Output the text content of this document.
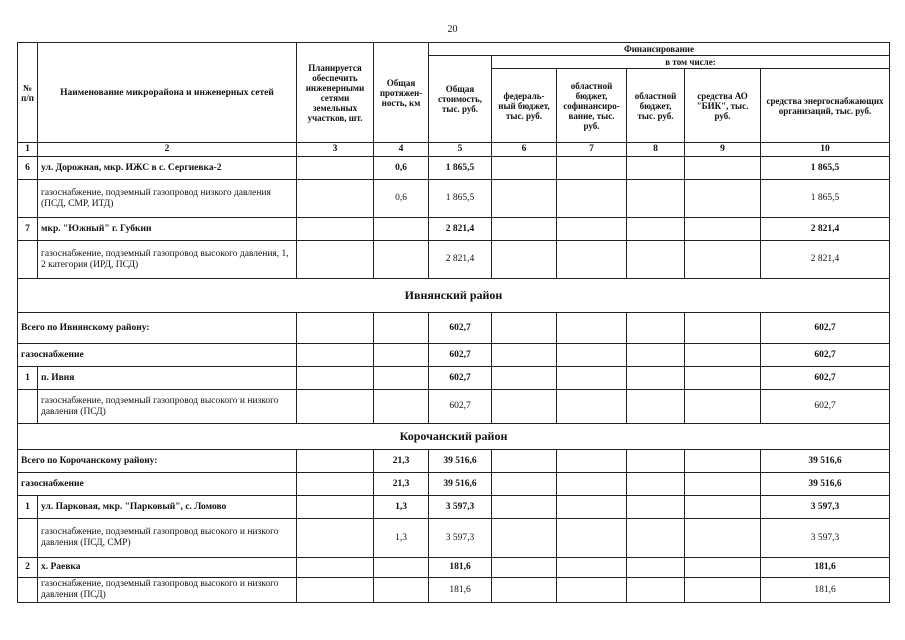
20
№ п/п	Наименование микрорайона и инженерных сетей	Планируется обеспечить инженерными сетями земельных участков, шт.	Общая протяжен-ность, км	Финансирование					
				Общая стоимость, тыс. руб.	в том числе:				
					федераль-ный бюджет, тыс. руб.	областной бюджет, софинансиро-вание, тыс. руб.	областной бюджет, тыс. руб.	средства АО "БИК", тыс. руб.	средства энергоснабжающих организаций, тыс. руб.
1	2	3	4	5	6	7	8	9	10
6	ул. Дорожная, мкр. ИЖС в с. Сергиевка-2		0,6	1 865,5					1 865,5
	газоснабжение, подземный газопровод низкого давления (ПСД, СМР, ИТД)		0,6	1 865,5					1 865,5
7	мкр. "Южный" г. Губкин			2 821,4					2 821,4
	газоснабжение, подземный газопровод высокого давления, 1, 2 категория (ИРД, ПСД)			2 821,4					2 821,4
Ивнянский район									
Всего по Ивнянскому району:				602,7					602,7
газоснабжение				602,7					602,7
1	п. Ивня			602,7					602,7
	газоснабжение, подземный газопровод высокого и низкого давления (ПСД)			602,7					602,7
Корочанский район									
Всего по Корочанскому району:			21,3	39 516,6					39 516,6
газоснабжение			21,3	39 516,6					39 516,6
1	ул. Парковая, мкр. "Парковый", с. Ломово		1,3	3 597,3					3 597,3
	газоснабжение, подземный газопровод высокого и низкого давления (ПСД, СМР)		1,3	3 597,3					3 597,3
2	х. Раевка			181,6					181,6
	газоснабжение, подземный газопровод высокого и низкого давления (ПСД)			181,6					181,6
